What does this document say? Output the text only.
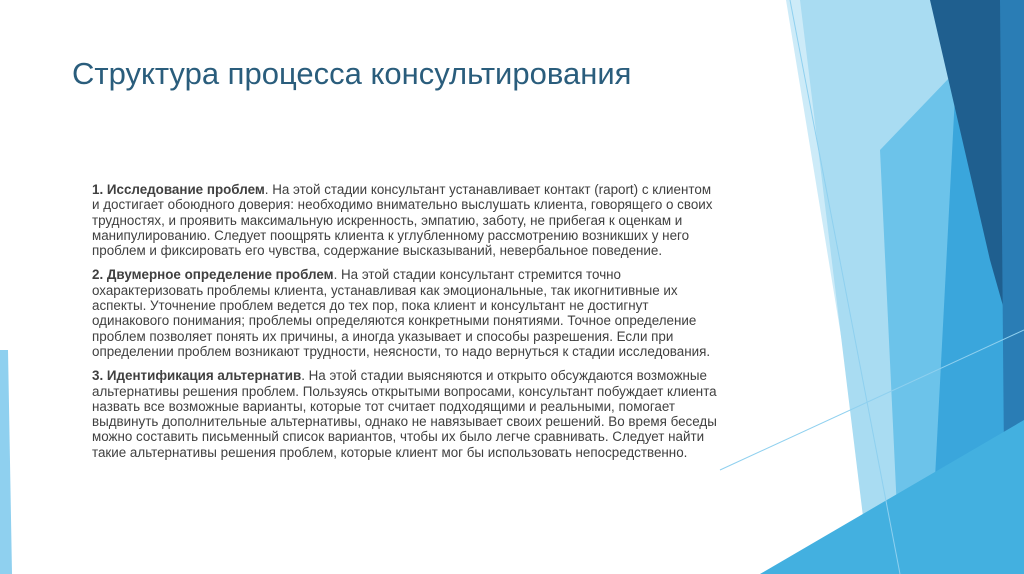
Структура процесса консультирования

1. Исследование проблем. На этой стадии консультант устанавливает контакт (raport) с клиентом
и достигает обоюдного доверия: необходимо внимательно выслушать клиента, говорящего о своих
трудностях, и проявить максимальную искренность, эмпатию, заботу, не прибегая к оценкам и
манипулированию. Следует поощрять клиента к углубленному рассмотрению возникших у него
проблем и фиксировать его чувства, содержание высказываний, невербальное поведение.

2. Двумерное определение проблем. На этой стадии консультант стремится точно
охарактеризовать проблемы клиента, устанавливая как эмоциональные, так икогнитивные их
аспекты. Уточнение проблем ведется до тех пор, пока клиент и консультант не достигнут
одинакового понимания; проблемы определяются конкретными понятиями. Точное определение
проблем позволяет понять их причины, а иногда указывает и способы разрешения. Если при
определении проблем возникают трудности, неясности, то надо вернуться к стадии исследования.

3. Идентификация альтернатив. На этой стадии выясняются и открыто обсуждаются возможные
альтернативы решения проблем. Пользуясь открытыми вопросами, консультант побуждает клиента
назвать все возможные варианты, которые тот считает подходящими и реальными, помогает
выдвинуть дополнительные альтернативы, однако не навязывает своих решений. Во время беседы
можно составить письменный список вариантов, чтобы их было легче сравнивать. Следует найти
такие альтернативы решения проблем, которые клиент мог бы использовать непосредственно.
